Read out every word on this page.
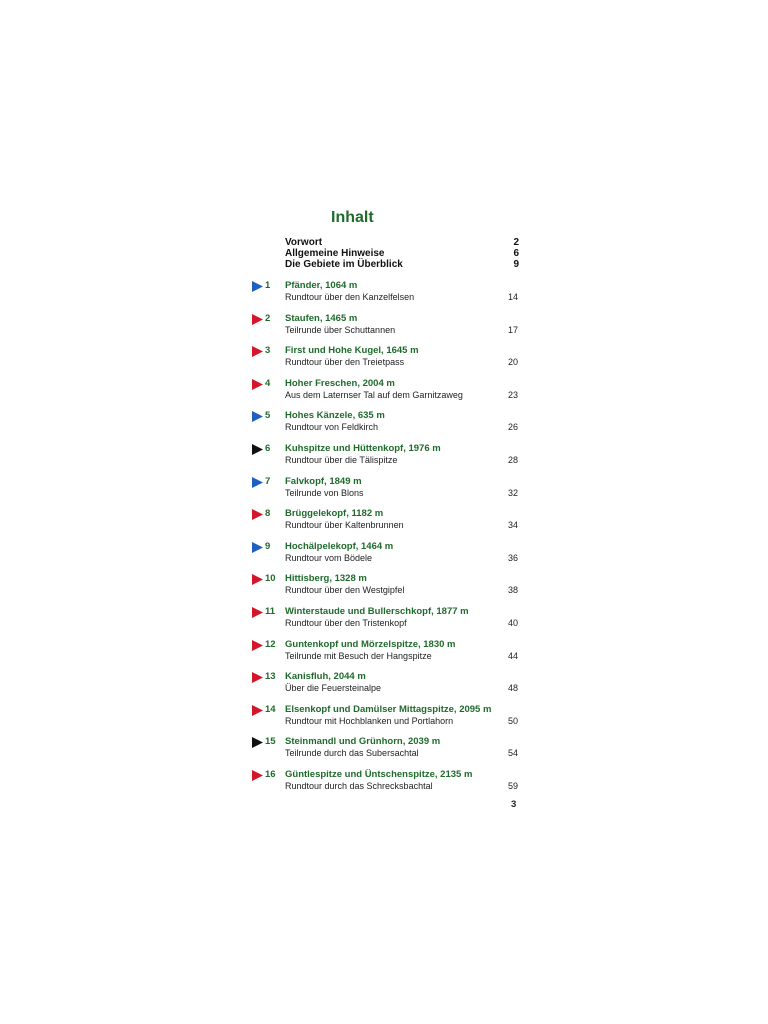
Inhalt
Vorwort	2
Allgemeine Hinweise	6
Die Gebiete im Überblick	9
1 Pfänder, 1064 m
Rundtour über den Kanzelfelsen	14
2 Staufen, 1465 m
Teilrunde über Schuttannen	17
3 First und Hohe Kugel, 1645 m
Rundtour über den Treietpass	20
4 Hoher Freschen, 2004 m
Aus dem Laternser Tal auf dem Garnitzaweg	23
5 Hohes Känzele, 635 m
Rundtour von Feldkirch	26
6 Kuhspitze und Hüttenkopf, 1976 m
Rundtour über die Tälispitze	28
7 Falvkopf, 1849 m
Teilrunde von Blons	32
8 Brüggelekopf, 1182 m
Rundtour über Kaltenbrunnen	34
9 Hochälpelekopf, 1464 m
Rundtour vom Bödele	36
10 Hittisberg, 1328 m
Rundtour über den Westgipfel	38
11 Winterstaude und Bullerschkopf, 1877 m
Rundtour über den Tristenkopf	40
12 Guntenkopf und Mörzelspitze, 1830 m
Teilrunde mit Besuch der Hangspitze	44
13 Kanisfluh, 2044 m
Über die Feuersteinalpe	48
14 Elsenkopf und Damülser Mittagspitze, 2095 m
Rundtour mit Hochblanken und Portlahorn	50
15 Steinmandl und Grünhorn, 2039 m
Teilrunde durch das Subersachtal	54
16 Güntlespitze und Üntschenspitze, 2135 m
Rundtour durch das Schrecksbachtal	59
3
